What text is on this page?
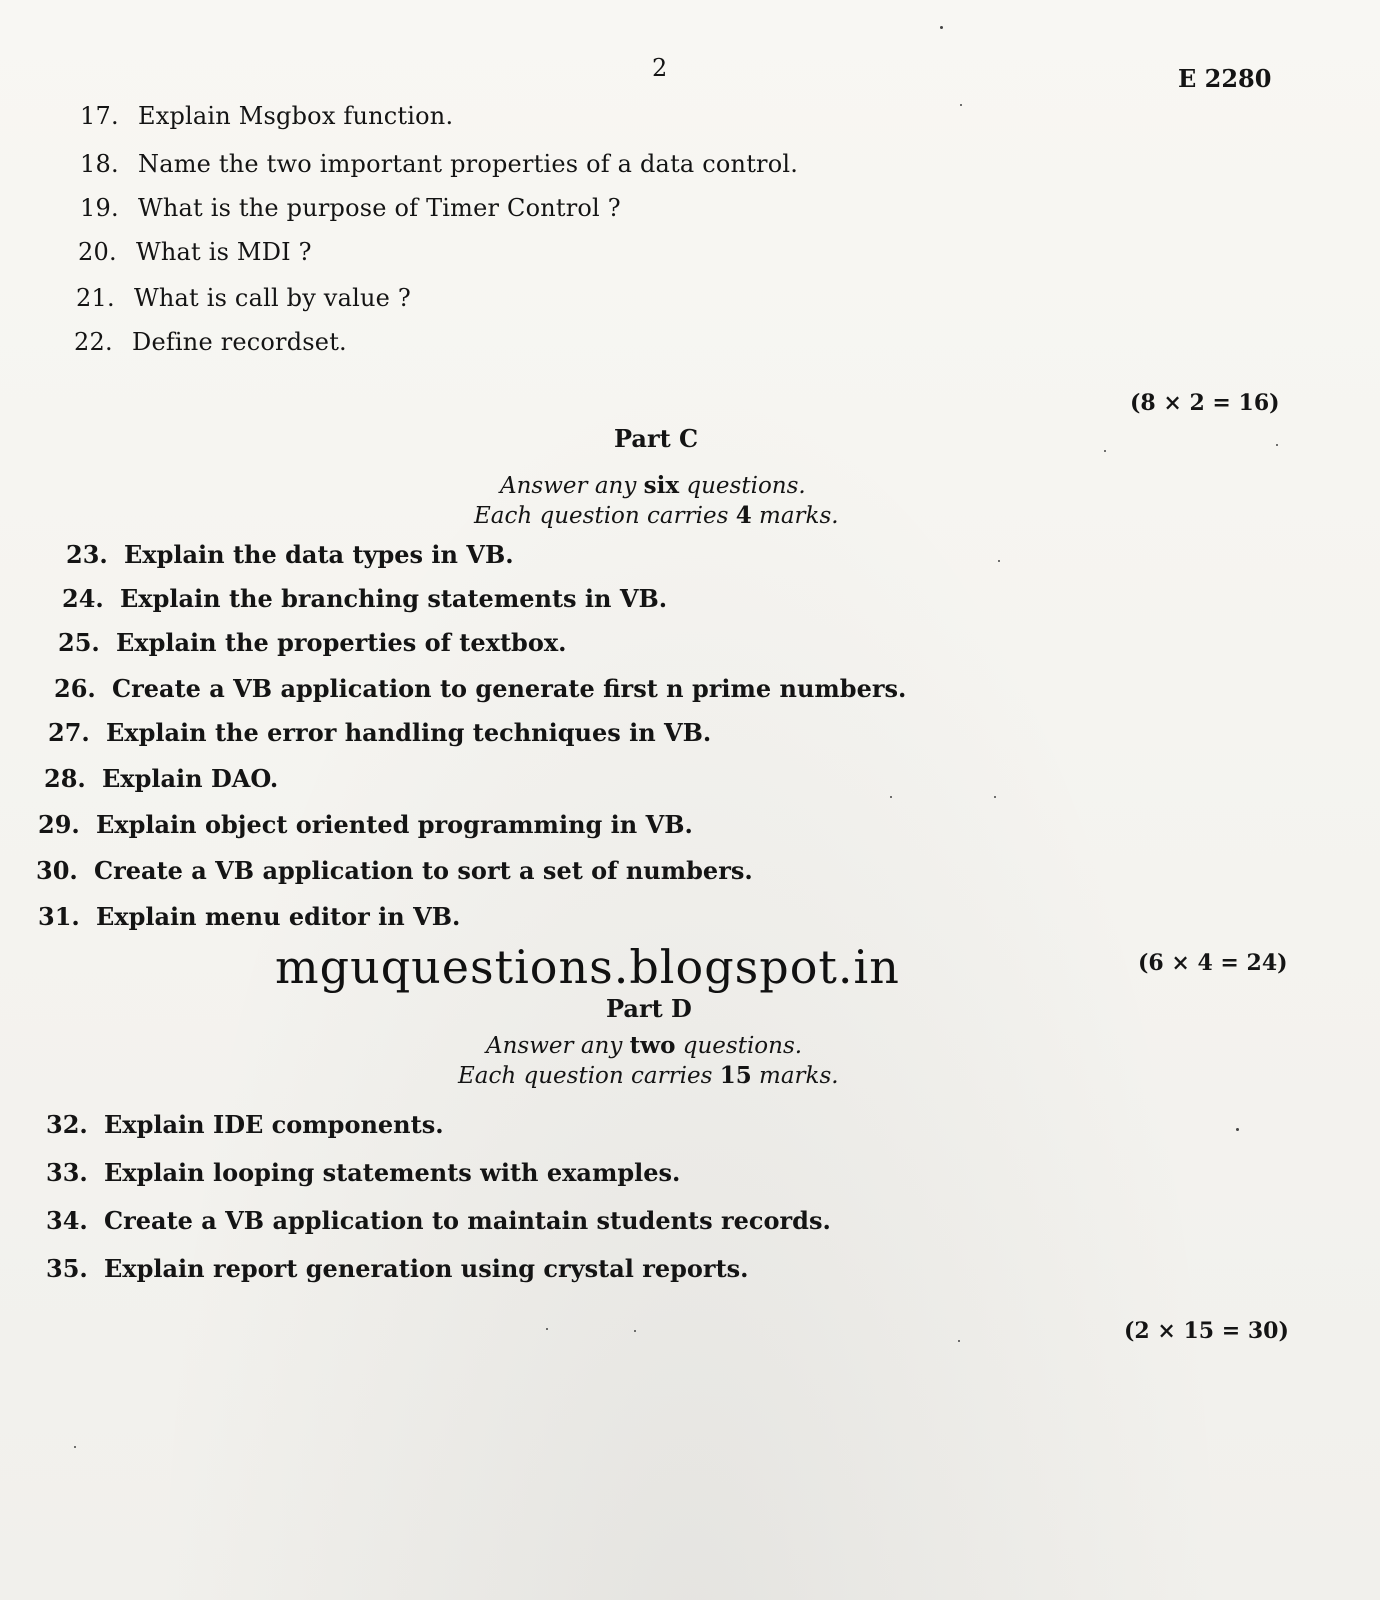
2	E 2280
17. Explain Msgbox function.
18. Name the two important properties of a data control.
19. What is the purpose of Timer Control ?
20. What is MDI ?
21. What is call by value ?
22. Define recordset.
(8 × 2 = 16)
Part C
Answer any six questions.
Each question carries 4 marks.
23. Explain the data types in VB.
24. Explain the branching statements in VB.
25. Explain the properties of textbox.
26. Create a VB application to generate first n prime numbers.
27. Explain the error handling techniques in VB.
28. Explain DAO.
29. Explain object oriented programming in VB.
30. Create a VB application to sort a set of numbers.
31. Explain menu editor in VB.
mguquestions.blogspot.in	(6 × 4 = 24)
Part D
Answer any two questions.
Each question carries 15 marks.
32. Explain IDE components.
33. Explain looping statements with examples.
34. Create a VB application to maintain students records.
35. Explain report generation using crystal reports.
(2 × 15 = 30)
